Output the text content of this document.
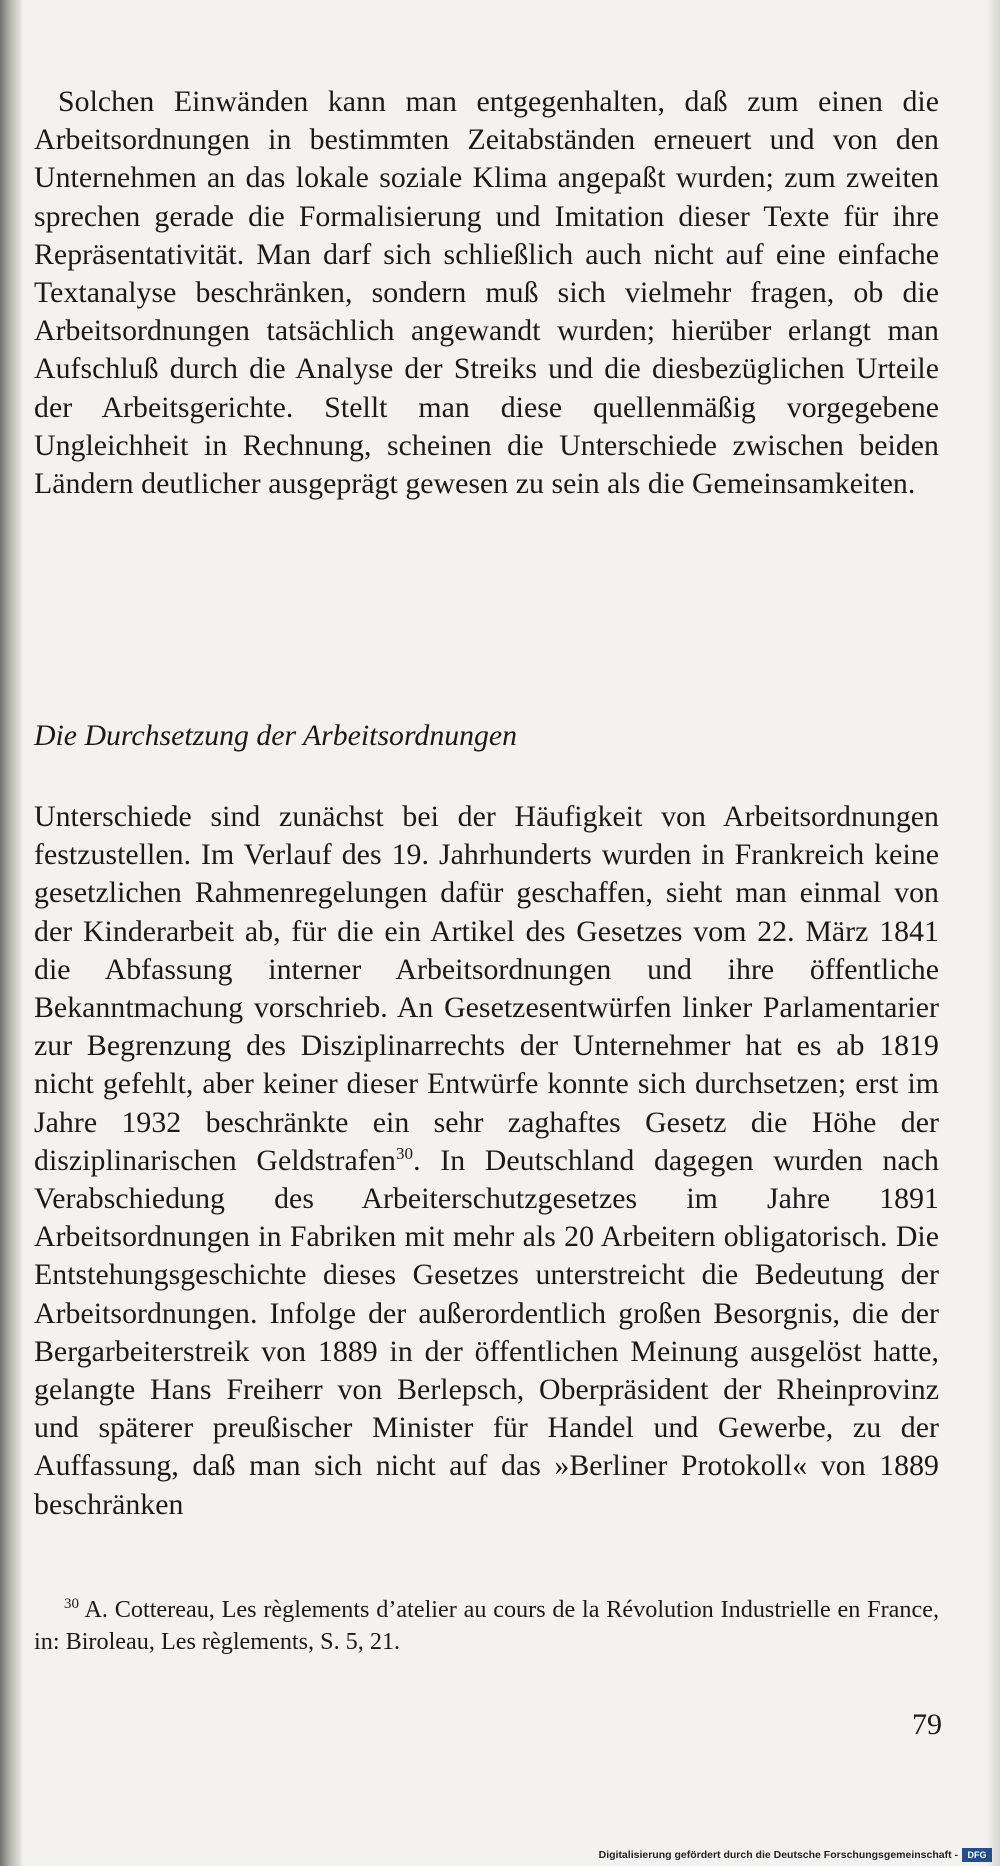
Solchen Einwänden kann man entgegenhalten, daß zum einen die Arbeitsordnungen in bestimmten Zeitabständen erneuert und von den Unternehmen an das lokale soziale Klima angepaßt wurden; zum zweiten sprechen gerade die Formalisierung und Imitation dieser Texte für ihre Repräsentativität. Man darf sich schließlich auch nicht auf eine einfache Textanalyse beschränken, sondern muß sich vielmehr fragen, ob die Arbeitsordnungen tatsächlich angewandt wurden; hierüber erlangt man Aufschluß durch die Analyse der Streiks und die diesbezüglichen Urteile der Arbeitsgerichte. Stellt man diese quellenmäßig vorgegebene Ungleichheit in Rechnung, scheinen die Unterschiede zwischen beiden Ländern deutlicher ausgeprägt gewesen zu sein als die Gemeinsamkeiten.

Die Durchsetzung der Arbeitsordnungen

Unterschiede sind zunächst bei der Häufigkeit von Arbeitsordnungen festzustellen. Im Verlauf des 19. Jahrhunderts wurden in Frankreich keine gesetzlichen Rahmenregelungen dafür geschaffen, sieht man einmal von der Kinderarbeit ab, für die ein Artikel des Gesetzes vom 22. März 1841 die Abfassung interner Arbeitsordnungen und ihre öffentliche Bekanntmachung vorschrieb. An Gesetzesentwürfen linker Parlamentarier zur Begrenzung des Disziplinarrechts der Unternehmer hat es ab 1819 nicht gefehlt, aber keiner dieser Entwürfe konnte sich durchsetzen; erst im Jahre 1932 beschränkte ein sehr zaghaftes Gesetz die Höhe der disziplinarischen Geldstrafen$^{30}$. In Deutschland dagegen wurden nach Verabschiedung des Arbeiterschutzgesetzes im Jahre 1891 Arbeitsordnungen in Fabriken mit mehr als 20 Arbeitern obligatorisch. Die Entstehungsgeschichte dieses Gesetzes unterstreicht die Bedeutung der Arbeitsordnungen. Infolge der außerordentlich großen Besorgnis, die der Bergarbeiterstreik von 1889 in der öffentlichen Meinung ausgelöst hatte, gelangte Hans Freiherr von Berlepsch, Oberpräsident der Rheinprovinz und späterer preußischer Minister für Handel und Gewerbe, zu der Auffassung, daß man sich nicht auf das »Berliner Protokoll« von 1889 beschränken

$^{30}$ A. Cottereau, Les règlements d’atelier au cours de la Révolution Industrielle en France, in: Biroleau, Les règlements, S. 5, 21.

79
Digitalisierung gefördert durch die Deutsche Forschungsgemeinschaft -	DFG
